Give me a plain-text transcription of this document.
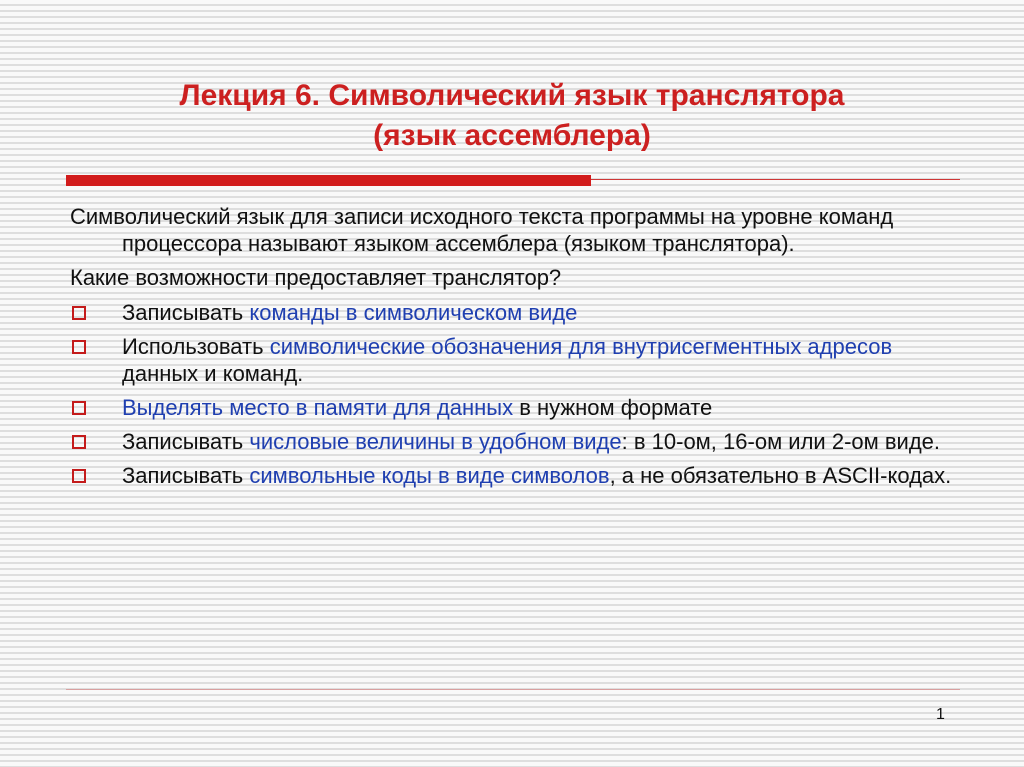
Лекция 6. Символический язык транслятора
(язык ассемблера)
Символический язык для записи исходного текста программы на уровне команд процессора называют языком ассемблера (языком транслятора).
Какие возможности предоставляет транслятор?
Записывать команды в символическом виде
Использовать символические обозначения для внутрисегментных адресов данных и команд.
Выделять место в памяти для данных в нужном формате
Записывать числовые величины в удобном виде: в 10-ом, 16-ом или 2-ом виде.
Записывать символьные коды в виде символов, а не обязательно в ASCII-кодах.
1
